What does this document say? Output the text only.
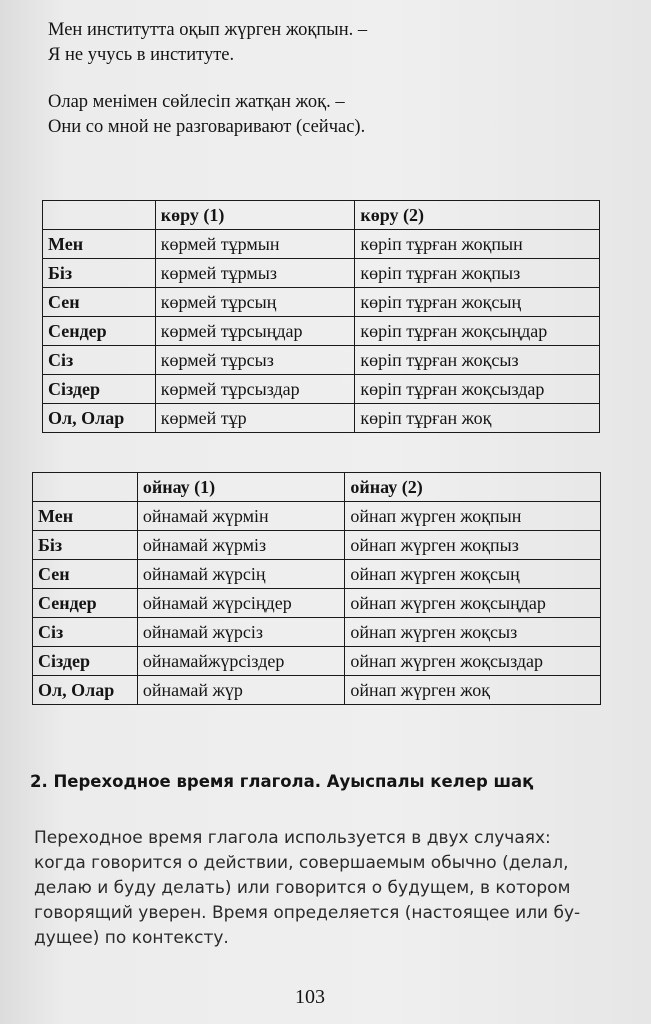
Мен институтта оқып жүрген жоқпын. –
Я не учусь в институте.
Олар менімен сөйлесіп жатқан жоқ. –
Они со мной не разговаривают (сейчас).
	көру (1)	көру (2)
Мен	көрмей тұрмын	көріп тұрған жоқпын
Біз	көрмей тұрмыз	көріп тұрған жоқпыз
Сен	көрмей тұрсың	көріп тұрған жоқсың
Сендер	көрмей тұрсыңдар	көріп тұрған жоқсыңдар
Сіз	көрмей тұрсыз	көріп тұрған жоқсыз
Сіздер	көрмей тұрсыздар	көріп тұрған жоқсыздар
Ол, Олар	көрмей тұр	көріп тұрған жоқ
	ойнау (1)	ойнау (2)
Мен	ойнамай жүрмін	ойнап жүрген жоқпын
Біз	ойнамай жүрміз	ойнап жүрген жоқпыз
Сен	ойнамай жүрсің	ойнап жүрген жоқсың
Сендер	ойнамай жүрсіңдер	ойнап жүрген жоқсыңдар
Сіз	ойнамай жүрсіз	ойнап жүрген жоқсыз
Сіздер	ойнамайжүрсіздер	ойнап жүрген жоқсыздар
Ол, Олар	ойнамай жүр	ойнап жүрген жоқ
2. Переходное время глагола. Ауыспалы келер шақ
Переходное время глагола используется в двух случаях:
когда говорится о действии, совершаемым обычно (делал,
делаю и буду делать) или говорится о будущем, в котором
говорящий уверен. Время определяется (настоящее или бу-
дущее) по контексту.
103
